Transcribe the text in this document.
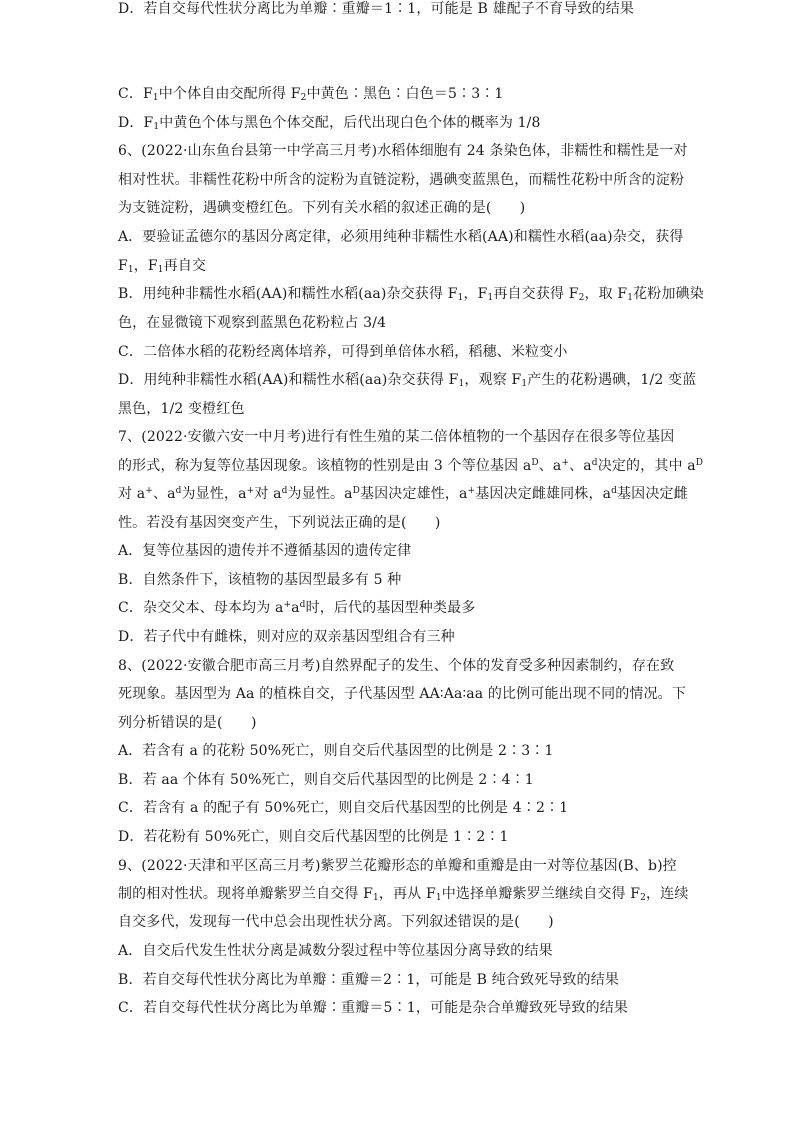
C．$F_1$中个体自由交配所得 $F_2$中黄色∶黑色∶白色＝5∶3∶1
D．$F_1$中黄色个体与黑色个体交配，后代出现白色个体的概率为 1/8
6、(2022·山东鱼台县第一中学高三月考)水稻体细胞有 24 条染色体，非糯性和糯性是一对
相对性状。非糯性花粉中所含的淀粉为直链淀粉，遇碘变蓝黑色，而糯性花粉中所含的淀粉
为支链淀粉，遇碘变橙红色。下列有关水稻的叙述正确的是(　　)
A．要验证孟德尔的基因分离定律，必须用纯种非糯性水稻(AA)和糯性水稻(aa)杂交，获得
$F_1$，$F_1$再自交
B．用纯种非糯性水稻(AA)和糯性水稻(aa)杂交获得 $F_1$，$F_1$再自交获得 $F_2$，取 $F_1$花粉加碘染
色，在显微镜下观察到蓝黑色花粉粒占 3/4
C．二倍体水稻的花粉经离体培养，可得到单倍体水稻，稻穗、米粒变小
D．用纯种非糯性水稻(AA)和糯性水稻(aa)杂交获得 $F_1$，观察 $F_1$产生的花粉遇碘，1/2 变蓝
黑色，1/2 变橙红色
7、(2022·安徽六安一中月考)进行有性生殖的某二倍体植物的一个基因存在很多等位基因
的形式，称为复等位基因现象。该植物的性别是由 3 个等位基因 $a^D$、a+、$a^d$决定的，其中 $a^D$
对 a+、$a^d$为显性，a+对 $a^d$为显性。$a^D$基因决定雄性，a+基因决定雌雄同株，$a^d$基因决定雌
性。若没有基因突变产生，下列说法正确的是(　　)
A．复等位基因的遗传并不遵循基因的遗传定律
B．自然条件下，该植物的基因型最多有 5 种
C．杂交父本、母本均为 $a^+a^d$时，后代的基因型种类最多
D．若子代中有雌株，则对应的双亲基因型组合有三种
8、(2022·安徽合肥市高三月考)自然界配子的发生、个体的发育受多种因素制约，存在致
死现象。基因型为 Aa 的植株自交，子代基因型 AA∶Aa∶aa 的比例可能出现不同的情况。下
列分析错误的是(　　)
A．若含有 a 的花粉 50%死亡，则自交后代基因型的比例是 2∶3∶1
B．若 aa 个体有 50%死亡，则自交后代基因型的比例是 2∶4∶1
C．若含有 a 的配子有 50%死亡，则自交后代基因型的比例是 4∶2∶1
D．若花粉有 50%死亡，则自交后代基因型的比例是 1∶2∶1
9、(2022·天津和平区高三月考)紫罗兰花瓣形态的单瓣和重瓣是由一对等位基因(B、b)控
制的相对性状。现将单瓣紫罗兰自交得 $F_1$，再从 $F_1$中选择单瓣紫罗兰继续自交得 $F_2$，连续
自交多代，发现每一代中总会出现性状分离。下列叙述错误的是(　　)
A．自交后代发生性状分离是减数分裂过程中等位基因分离导致的结果
B．若自交每代性状分离比为单瓣∶重瓣＝2∶1，可能是 B 纯合致死导致的结果
C．若自交每代性状分离比为单瓣∶重瓣＝5∶1，可能是杂合单瓣致死导致的结果
D．若自交每代性状分离比为单瓣∶重瓣＝1∶1，可能是 B 雄配子不育导致的结果
